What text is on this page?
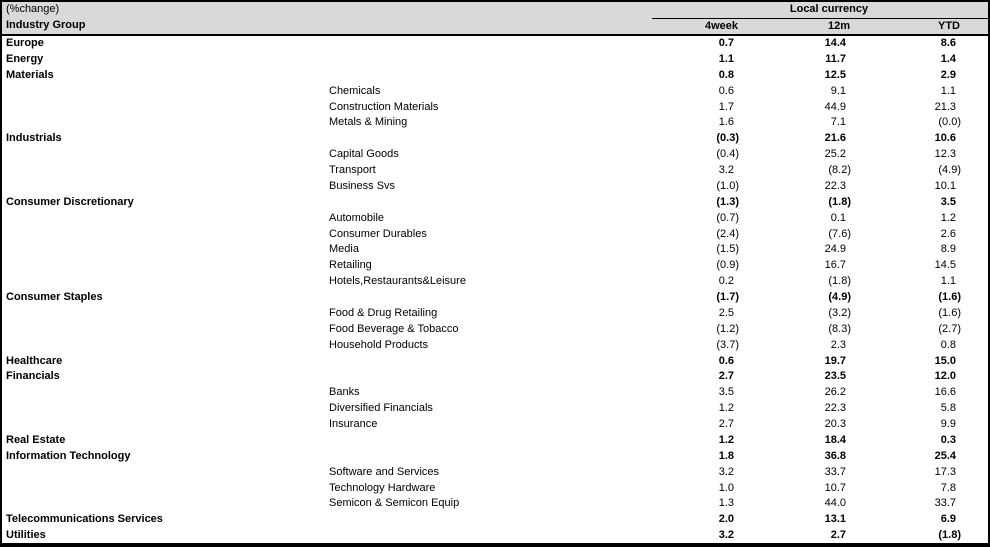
(%change)	Local currency			
Industry Group	4week	12m	YTD	
Europe	0.7	14.4	8.6	
Energy	1.1	11.7	1.4	
Materials	0.8	12.5	2.9	
Chemicals	0.6	9.1	1.1	
Construction Materials	1.7	44.9	21.3	
Metals & Mining	1.6	7.1	(0.0)	
Industrials	(0.3)	21.6	10.6	
Capital Goods	(0.4)	25.2	12.3	
Transport	3.2	(8.2)	(4.9)	
Business Svs	(1.0)	22.3	10.1	
Consumer Discretionary	(1.3)	(1.8)	3.5	
Automobile	(0.7)	0.1	1.2	
Consumer Durables	(2.4)	(7.6)	2.6	
Media	(1.5)	24.9	8.9	
Retailing	(0.9)	16.7	14.5	
Hotels,Restaurants&Leisure	0.2	(1.8)	1.1	
Consumer Staples	(1.7)	(4.9)	(1.6)	
Food & Drug Retailing	2.5	(3.2)	(1.6)	
Food Beverage & Tobacco	(1.2)	(8.3)	(2.7)	
Household Products	(3.7)	2.3	0.8	
Healthcare	0.6	19.7	15.0	
Financials	2.7	23.5	12.0	
Banks	3.5	26.2	16.6	
Diversified Financials	1.2	22.3	5.8	
Insurance	2.7	20.3	9.9	
Real Estate	1.2	18.4	0.3	
Information Technology	1.8	36.8	25.4	
Software and Services	3.2	33.7	17.3	
Technology Hardware	1.0	10.7	7.8	
Semicon & Semicon Equip	1.3	44.0	33.7	
Telecommunications Services	2.0	13.1	6.9	
Utilities	3.2	2.7	(1.8)	
